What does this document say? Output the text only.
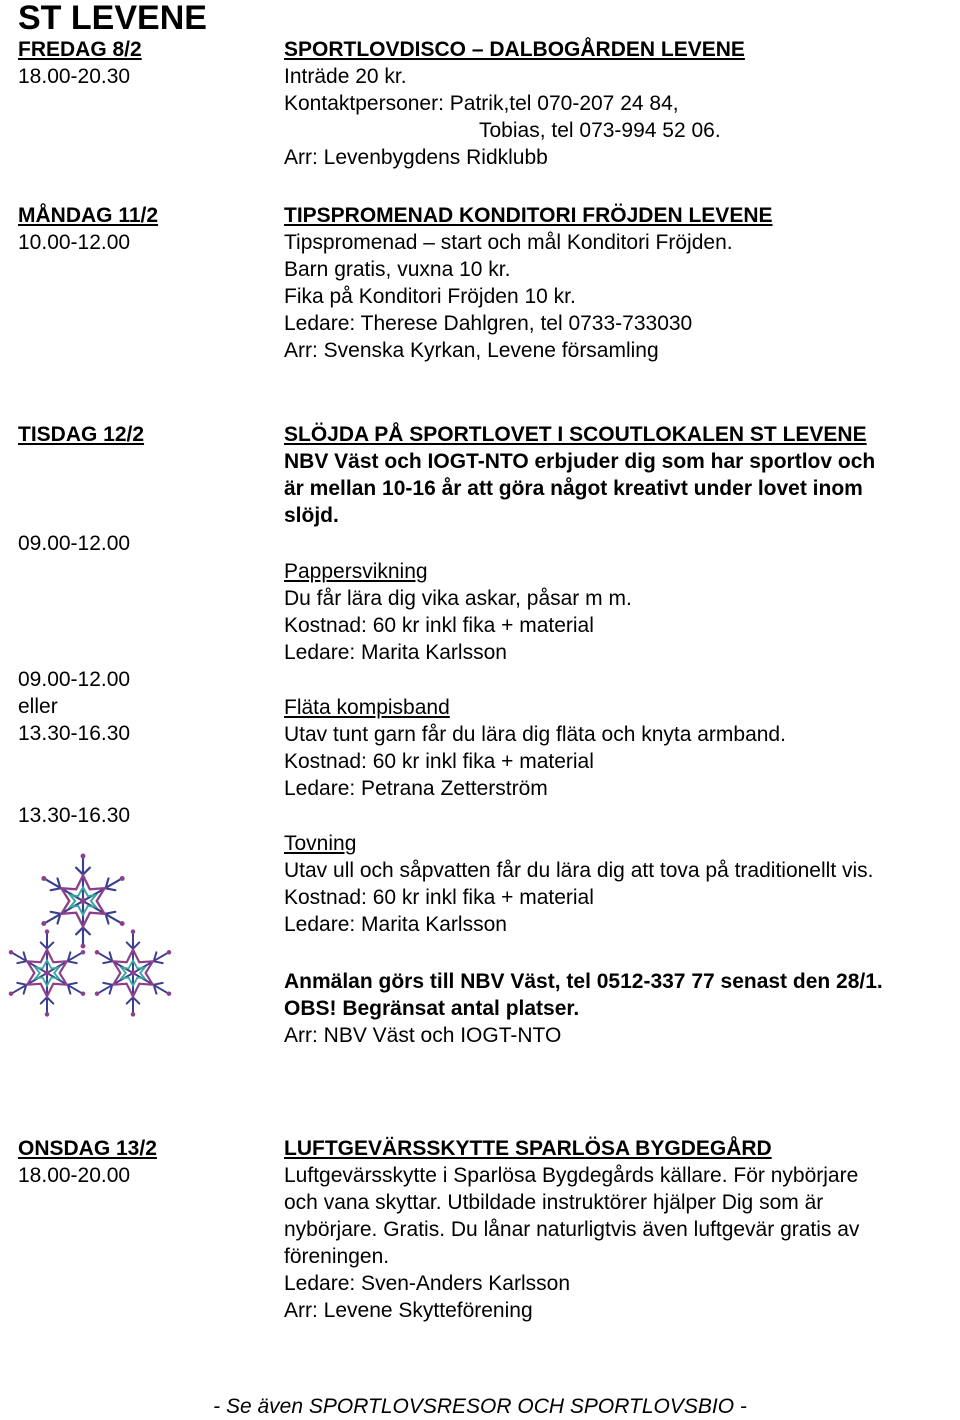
ST LEVENE
FREDAG 8/2
18.00-20.30
SPORTLOVDISCO – DALBOGÅRDEN LEVENE
Inträde 20 kr.
Kontaktpersoner: Patrik,tel 070-207 24 84,
Tobias, tel 073-994 52 06.
Arr: Levenbygdens Ridklubb
MÅNDAG 11/2
10.00-12.00
TIPSPROMENAD KONDITORI FRÖJDEN LEVENE
Tipspromenad – start och mål Konditori Fröjden.
Barn gratis, vuxna 10 kr.
Fika på Konditori Fröjden 10 kr.
Ledare: Therese Dahlgren, tel 0733-733030
Arr: Svenska Kyrkan, Levene församling
TISDAG 12/2	SLÖJDA PÅ SPORTLOVET I SCOUTLOKALEN ST LEVENE
NBV Väst och IOGT-NTO erbjuder dig som har sportlov och
är mellan 10-16 år att göra något kreativt under lovet inom
slöjd.
09.00-12.00
09.00-12.00
eller
13.30-16.30
13.30-16.30
Pappersvikning
Du får lära dig vika askar, påsar m m.
Kostnad: 60 kr inkl fika + material
Ledare: Marita Karlsson
Fläta kompisband
Utav tunt garn får du lära dig fläta och knyta armband.
Kostnad: 60 kr inkl fika + material
Ledare: Petrana Zetterström
Tovning
Utav ull och såpvatten får du lära dig att tova på traditionellt vis.
Kostnad: 60 kr inkl fika + material
Ledare: Marita Karlsson
Anmälan görs till NBV Väst, tel 0512-337 77 senast den 28/1.
OBS! Begränsat antal platser.
Arr: NBV Väst och IOGT-NTO
ONSDAG 13/2
18.00-20.00
LUFTGEVÄRSSKYTTE SPARLÖSA BYGDEGÅRD
Luftgevärsskytte i Sparlösa Bygdegårds källare. För nybörjare
och vana skyttar. Utbildade instruktörer hjälper Dig som är
nybörjare. Gratis. Du lånar naturligtvis även luftgevär gratis av
föreningen.
Ledare: Sven-Anders Karlsson
Arr: Levene Skytteförening
- Se även SPORTLOVSRESOR OCH SPORTLOVSBIO -
